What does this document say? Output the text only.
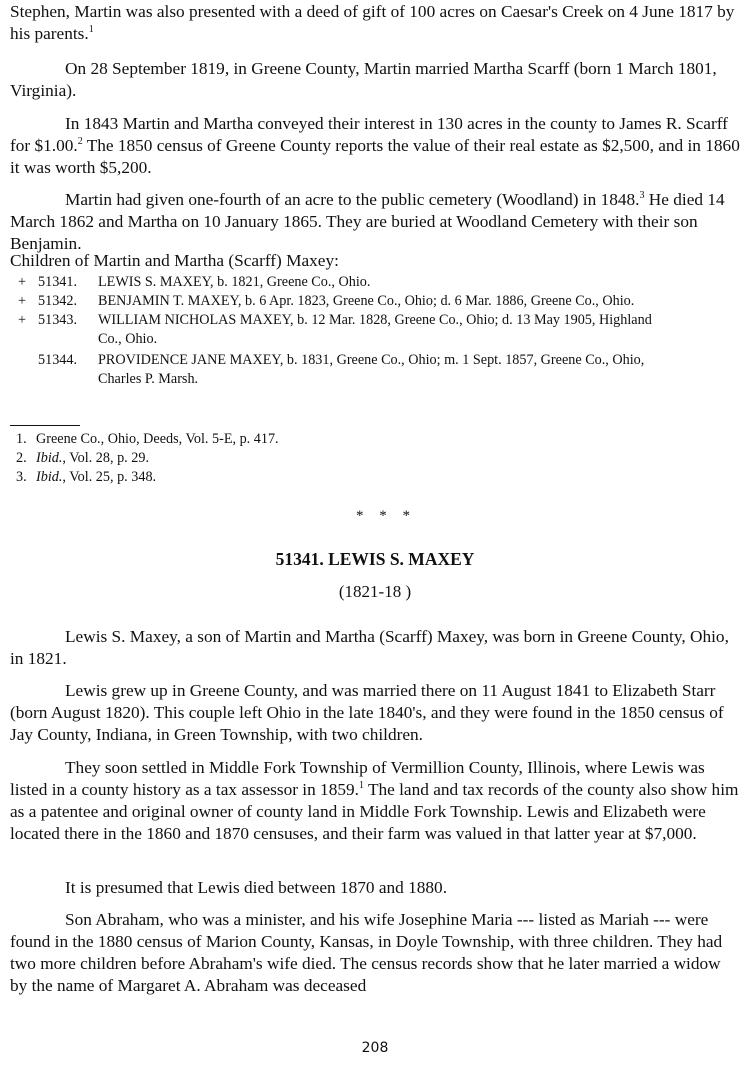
Stephen, Martin was also presented with a deed of gift of 100 acres on Caesar's Creek on 4 June 1817 by his parents.$^1$

On 28 September 1819, in Greene County, Martin married Martha Scarff (born 1 March 1801, Virginia).

In 1843 Martin and Martha conveyed their interest in 130 acres in the county to James R. Scarff for $1.00.$^2$ The 1850 census of Greene County reports the value of their real estate as $2,500, and in 1860 it was worth $5,200.

Martin had given one-fourth of an acre to the public cemetery (Woodland) in 1848.$^3$ He died 14 March 1862 and Martha on 10 January 1865. They are buried at Woodland Cemetery with their son Benjamin.

Children of Martin and Martha (Scarff) Maxey:
+ 51341. LEWIS S. MAXEY, b. 1821, Greene Co., Ohio.
+ 51342. BENJAMIN T. MAXEY, b. 6 Apr. 1823, Greene Co., Ohio; d. 6 Mar. 1886, Greene Co., Ohio.
+ 51343. WILLIAM NICHOLAS MAXEY, b. 12 Mar. 1828, Greene Co., Ohio; d. 13 May 1905, Highland
Co., Ohio.
51344. PROVIDENCE JANE MAXEY, b. 1831, Greene Co., Ohio; m. 1 Sept. 1857, Greene Co., Ohio,
Charles P. Marsh.
1. Greene Co., Ohio, Deeds, Vol. 5-E, p. 417.
2. Ibid., Vol. 28, p. 29.
3. Ibid., Vol. 25, p. 348.
* * *
51341. LEWIS S. MAXEY
(1821-18 )

Lewis S. Maxey, a son of Martin and Martha (Scarff) Maxey, was born in Greene County, Ohio, in 1821.

Lewis grew up in Greene County, and was married there on 11 August 1841 to Elizabeth Starr (born August 1820). This couple left Ohio in the late 1840's, and they were found in the 1850 census of Jay County, Indiana, in Green Township, with two children.

They soon settled in Middle Fork Township of Vermillion County, Illinois, where Lewis was listed in a county history as a tax assessor in 1859.$^1$ The land and tax records of the county also show him as a patentee and original owner of county land in Middle Fork Township. Lewis and Elizabeth were located there in the 1860 and 1870 censuses, and their farm was valued in that latter year at $7,000.

It is presumed that Lewis died between 1870 and 1880.

Son Abraham, who was a minister, and his wife Josephine Maria --- listed as Mariah --- were found in the 1880 census of Marion County, Kansas, in Doyle Township, with three children. They had two more children before Abraham's wife died. The census records show that he later married a widow by the name of Margaret A. Abraham was deceased

208
